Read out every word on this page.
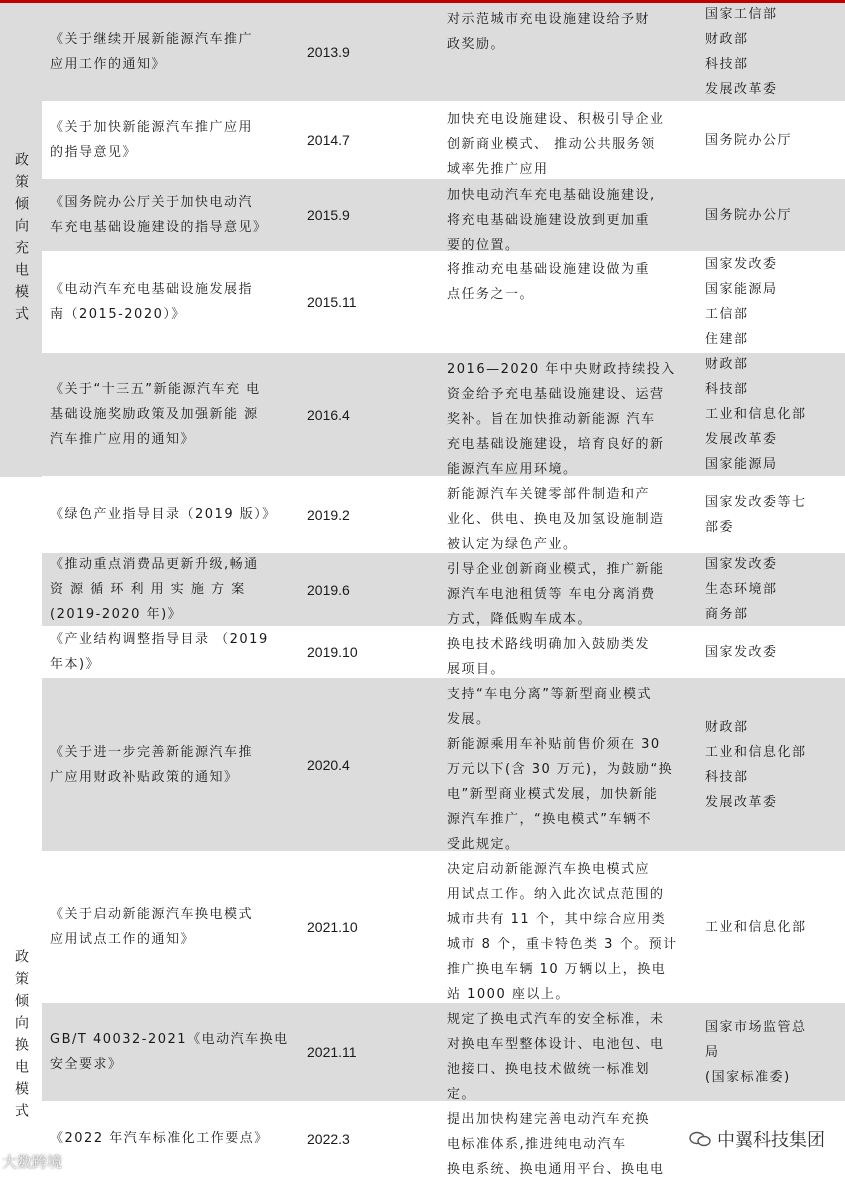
政策倾向充电模式
政策倾向换电模式
《关于继续开展新能源汽车推广
应用工作的通知》
2013.9
对示范城市充电设施建设给予财
政奖励。
国家工信部
财政部
科技部
发展改革委
《关于加快新能源汽车推广应用
的指导意见》
2014.7
加快充电设施建设、积极引导企业
创新商业模式、 推动公共服务领
域率先推广应用
国务院办公厅
《国务院办公厅关于加快电动汽
车充电基础设施建设的指导意见》
2015.9
加快电动汽车充电基础设施建设,
将充电基础设施建设放到更加重
要的位置。
国务院办公厅
《电动汽车充电基础设施发展指
南（2015-2020）》
2015.11
将推动充电基础设施建设做为重
点任务之一。
国家发改委
国家能源局
工信部
住建部
《关于“十三五”新能源汽车充 电
基础设施奖励政策及加强新能 源
汽车推广应用的通知》
2016.4
2016—2020 年中央财政持续投入
资金给予充电基础设施建设、运营
奖补。旨在加快推动新能源 汽车
充电基础设施建设，培育良好的新
能源汽车应用环境。
财政部
科技部
工业和信息化部
发展改革委
国家能源局
《绿色产业指导目录（2019 版）》 2019.2
新能源汽车关键零部件制造和产
业化、供电、换电及加氢设施制造
被认定为绿色产业。
国家发改委等七
部委
《推动重点消费品更新升级,畅通
资 源 循 环 利 用 实 施 方 案
(2019-2020 年)》
2019.6
引导企业创新商业模式，推广新能
源汽车电池租赁等 车电分离消费
方式，降低购车成本。
国家发改委
生态环境部
商务部
《产业结构调整指导目录 （2019
年本)》
2019.10	换电技术路线明确加入鼓励类发
展项目。
国家发改委
《关于进一步完善新能源汽车推
广应用财政补贴政策的通知》
2020.4
支持“车电分离”等新型商业模式
发展。
新能源乘用车补贴前售价须在 30
万元以下(含 30 万元)，为鼓励“换
电”新型商业模式发展，加快新能
源汽车推广，“换电模式”车辆不
受此规定。
财政部
工业和信息化部
科技部
发展改革委
《关于启动新能源汽车换电模式
应用试点工作的通知》
2021.10
决定启动新能源汽车换电模式应
用试点工作。纳入此次试点范围的
城市共有 11 个，其中综合应用类
城市 8 个，重卡特色类 3 个。预计
推广换电车辆 10 万辆以上，换电
站 1000 座以上。
工业和信息化部
GB/T 40032-2021《电动汽车换电
安全要求》
2021.11
规定了换电式汽车的安全标准，未
对换电车型整体设计、电池包、电
池接口、换电技术做统一标准划
定。
国家市场监管总
局
(国家标准委)
《2022 年汽车标准化工作要点》	2022.3
提出加快构建完善电动汽车充换
电标准体系,推进纯电动汽车
换电系统、换电通用平台、换电电
中翼科技集团
大数跨境
